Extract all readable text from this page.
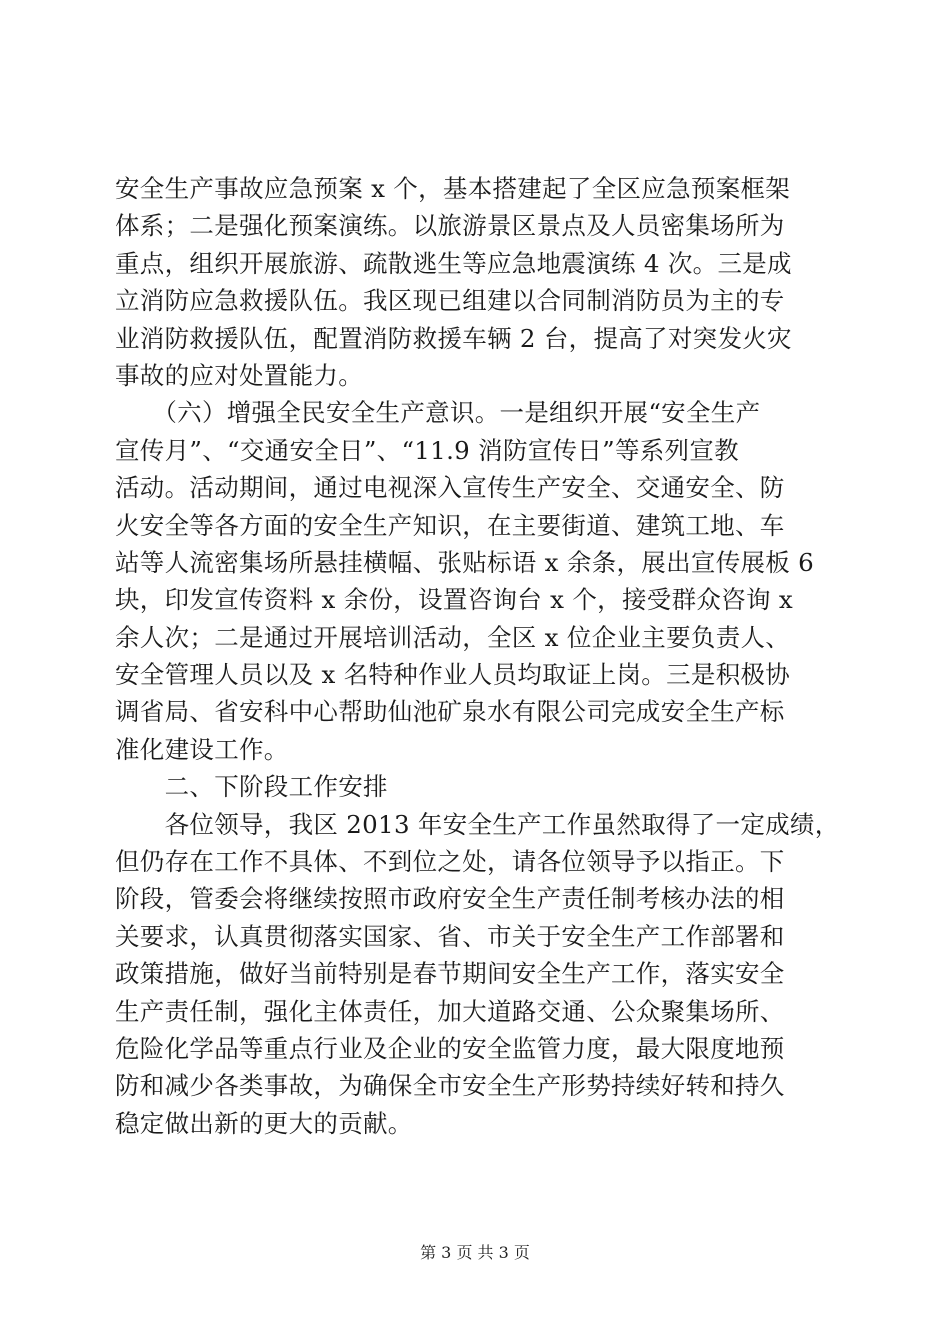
安全生产事故应急预案 x 个，基本搭建起了全区应急预案框架
体系；二是强化预案演练。以旅游景区景点及人员密集场所为
重点，组织开展旅游、疏散逃生等应急地震演练 4 次。三是成
立消防应急救援队伍。我区现已组建以合同制消防员为主的专
业消防救援队伍，配置消防救援车辆 2 台，提高了对突发火灾
事故的应对处置能力。
　　（六）增强全民安全生产意识。一是组织开展“安全生产
宣传月”、“交通安全日”、“11.9 消防宣传日”等系列宣教
活动。活动期间，通过电视深入宣传生产安全、交通安全、防
火安全等各方面的安全生产知识，在主要街道、建筑工地、车
站等人流密集场所悬挂横幅、张贴标语 x 余条，展出宣传展板 6
块，印发宣传资料 x 余份，设置咨询台 x 个，接受群众咨询 x
余人次；二是通过开展培训活动，全区 x 位企业主要负责人、
安全管理人员以及 x 名特种作业人员均取证上岗。三是积极协
调省局、省安科中心帮助仙池矿泉水有限公司完成安全生产标
准化建设工作。
　　二、下阶段工作安排
　　各位领导，我区 2013 年安全生产工作虽然取得了一定成绩，
但仍存在工作不具体、不到位之处，请各位领导予以指正。下
阶段，管委会将继续按照市政府安全生产责任制考核办法的相
关要求，认真贯彻落实国家、省、市关于安全生产工作部署和
政策措施，做好当前特别是春节期间安全生产工作，落实安全
生产责任制，强化主体责任，加大道路交通、公众聚集场所、
危险化学品等重点行业及企业的安全监管力度，最大限度地预
防和减少各类事故，为确保全市安全生产形势持续好转和持久
稳定做出新的更大的贡献。
第 3 页 共 3 页
